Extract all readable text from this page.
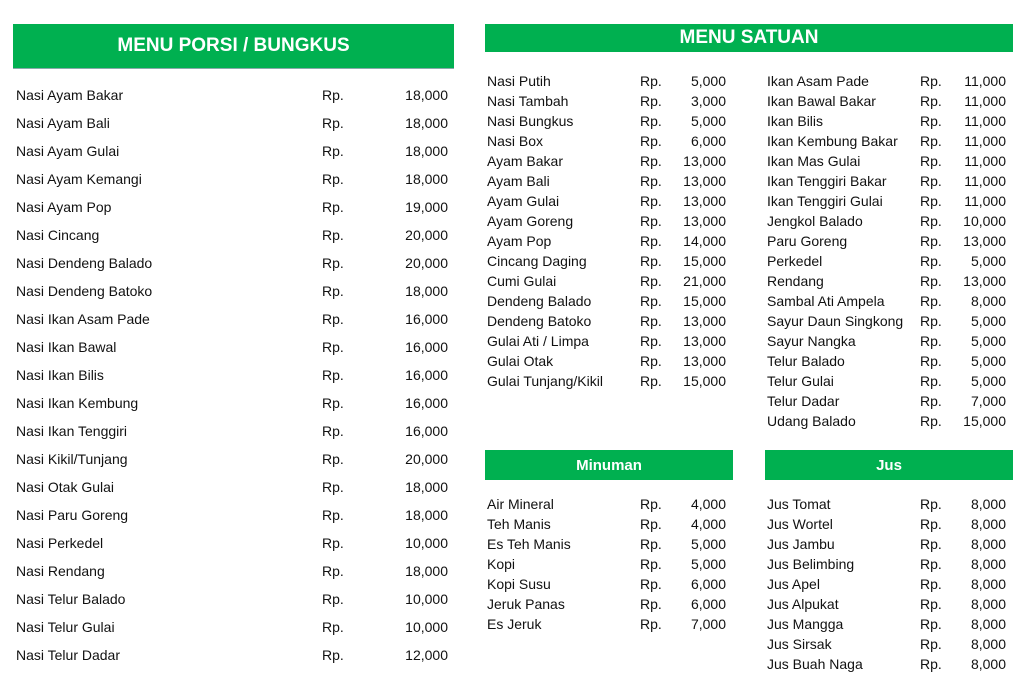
MENU PORSI / BUNGKUS	MENU SATUAN
Minuman	Jus
Nasi Ayam Bakar	Rp.	18,000
Nasi Ayam Bali	Rp.	18,000
Nasi Ayam Gulai	Rp.	18,000
Nasi Ayam Kemangi	Rp.	18,000
Nasi Ayam Pop	Rp.	19,000
Nasi Cincang	Rp.	20,000
Nasi Dendeng Balado	Rp.	20,000
Nasi Dendeng Batoko	Rp.	18,000
Nasi Ikan Asam Pade	Rp.	16,000
Nasi Ikan Bawal	Rp.	16,000
Nasi Ikan Bilis	Rp.	16,000
Nasi Ikan Kembung	Rp.	16,000
Nasi Ikan Tenggiri	Rp.	16,000
Nasi Kikil/Tunjang	Rp.	20,000
Nasi Otak Gulai	Rp.	18,000
Nasi Paru Goreng	Rp.	18,000
Nasi Perkedel	Rp.	10,000
Nasi Rendang	Rp.	18,000
Nasi Telur Balado	Rp.	10,000
Nasi Telur Gulai	Rp.	10,000
Nasi Telur Dadar	Rp.	12,000
Nasi Putih	Rp.	5,000
Nasi Tambah	Rp.	3,000
Nasi Bungkus	Rp.	5,000
Nasi Box	Rp.	6,000
Ayam Bakar	Rp.	13,000
Ayam Bali	Rp.	13,000
Ayam Gulai	Rp.	13,000
Ayam Goreng	Rp.	13,000
Ayam Pop	Rp.	14,000
Cincang Daging	Rp.	15,000
Cumi Gulai	Rp.	21,000
Dendeng Balado	Rp.	15,000
Dendeng Batoko	Rp.	13,000
Gulai Ati / Limpa	Rp.	13,000
Gulai Otak	Rp.	13,000
Gulai Tunjang/Kikil	Rp.	15,000
Ikan Asam Pade	Rp.	11,000
Ikan Bawal Bakar	Rp.	11,000
Ikan Bilis	Rp.	11,000
Ikan Kembung Bakar Rp.	11,000
Ikan Mas Gulai	Rp.	11,000
Ikan Tenggiri Bakar Rp.	11,000
Ikan Tenggiri Gulai	Rp.	11,000
Jengkol Balado	Rp.	10,000
Paru Goreng	Rp.	13,000
Perkedel	Rp.	5,000
Rendang	Rp.	13,000
Sambal Ati Ampela	Rp.	8,000
Sayur Daun Singkong Rp.	5,000
Sayur Nangka	Rp.	5,000
Telur Balado	Rp.	5,000
Telur Gulai	Rp.	5,000
Telur Dadar	Rp.	7,000
Udang Balado	Rp.	15,000
Air Mineral	Rp.	4,000
Teh Manis	Rp.	4,000
Es Teh Manis	Rp.	5,000
Kopi	Rp.	5,000
Kopi Susu	Rp.	6,000
Jeruk Panas	Rp.	6,000
Es Jeruk	Rp.	7,000
Jus Tomat	Rp.	8,000
Jus Wortel	Rp.	8,000
Jus Jambu	Rp.	8,000
Jus Belimbing	Rp.	8,000
Jus Apel	Rp.	8,000
Jus Alpukat	Rp.	8,000
Jus Mangga	Rp.	8,000
Jus Sirsak	Rp.	8,000
Jus Buah Naga	Rp.	8,000
